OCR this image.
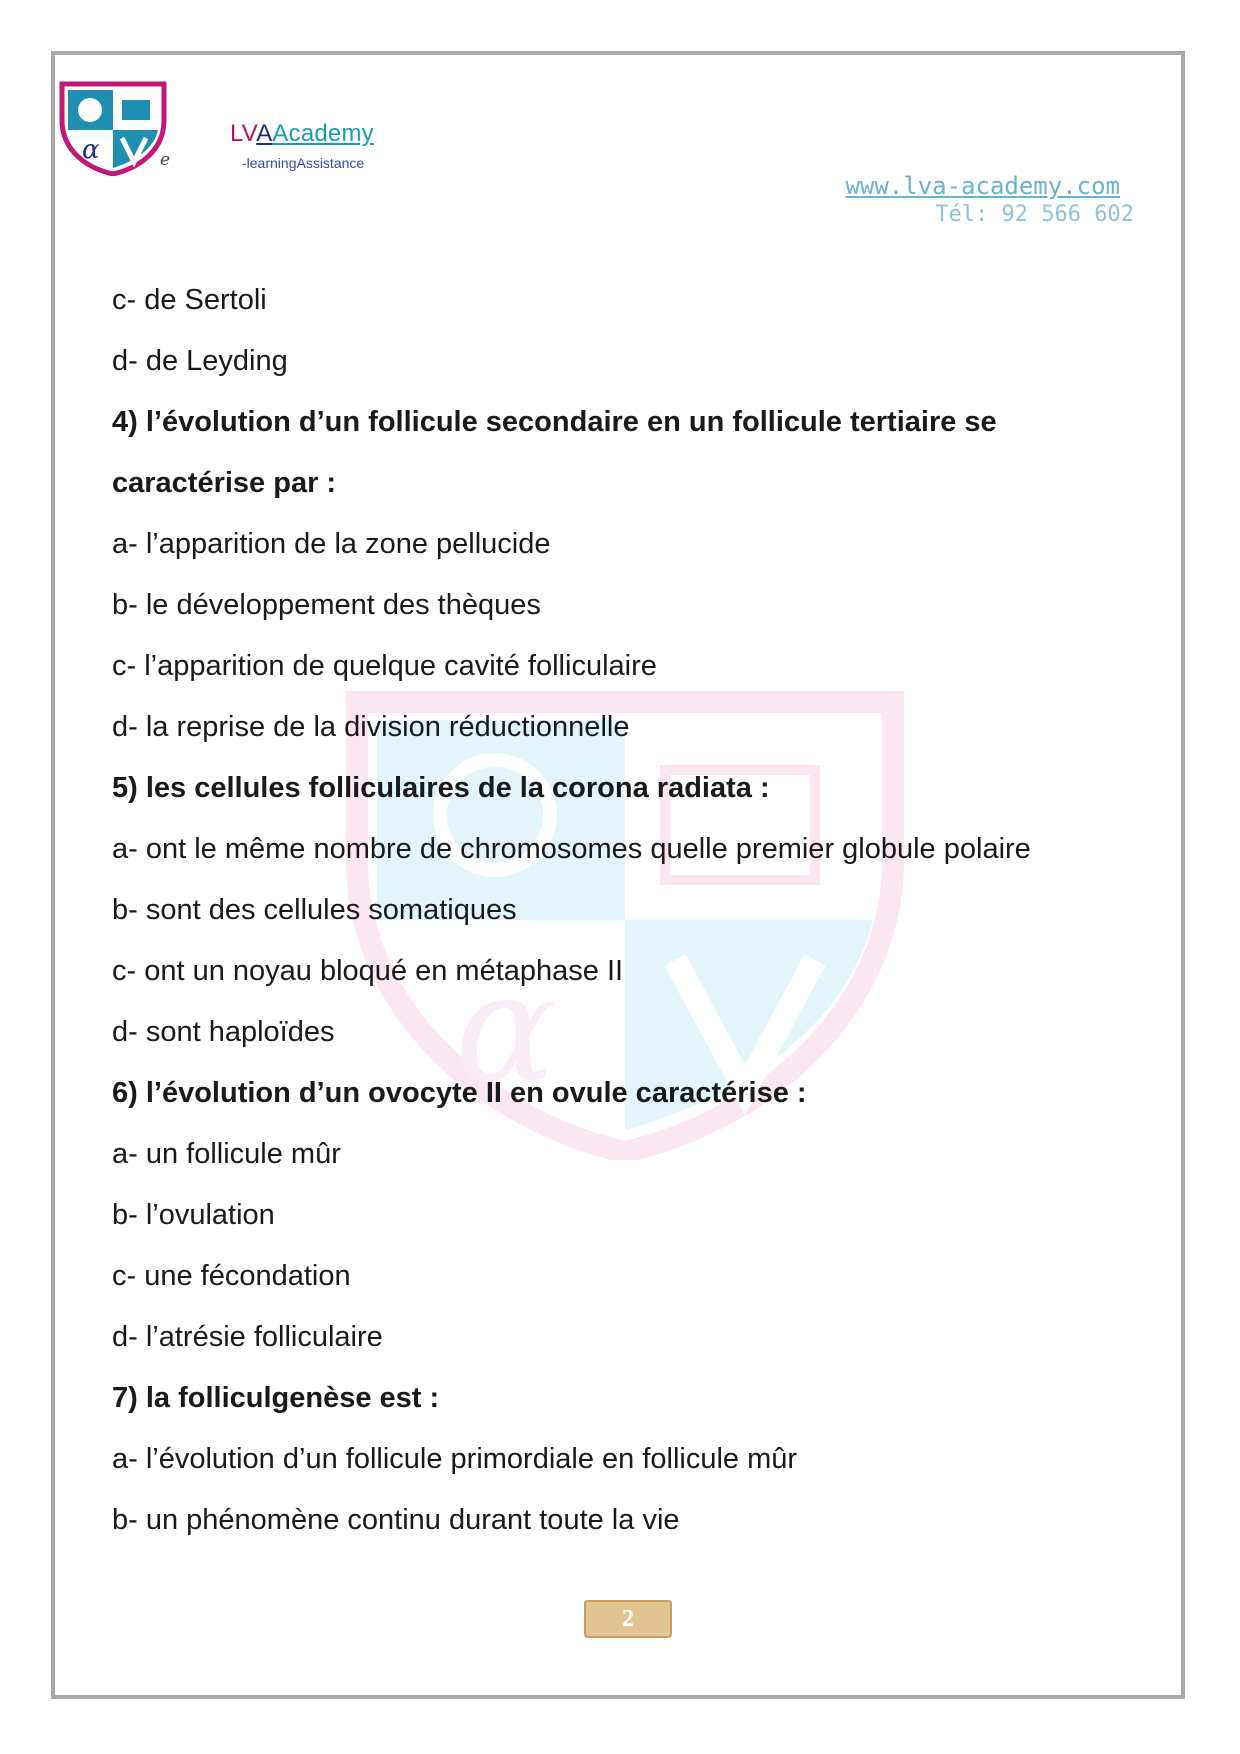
α	e
LVAAcademy
-learningAssistance
www.lva-academy.com
Tél: 92 566 602
α
c- de Sertoli
d- de Leyding
4) l’évolution d’un follicule secondaire en un follicule tertiaire se
caractérise par :
a- l’apparition de la zone pellucide
b- le développement des thèques
c- l’apparition de quelque cavité folliculaire
d- la reprise de la division réductionnelle
5) les cellules folliculaires de la corona radiata :
a- ont le même nombre de chromosomes quelle premier globule polaire
b- sont des cellules somatiques
c- ont un noyau bloqué en métaphase II
d- sont haploïdes
6) l’évolution d’un ovocyte II en ovule caractérise :
a- un follicule mûr
b- l’ovulation
c- une fécondation
d- l’atrésie folliculaire
7) la folliculgenèse est :
a- l’évolution d’un follicule primordiale en follicule mûr
b- un phénomène continu durant toute la vie
2
